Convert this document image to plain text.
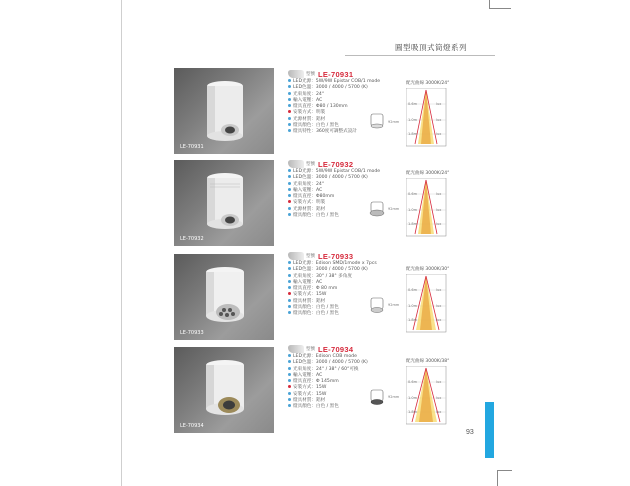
圓型吸頂式筒燈系列
LE-70931
型號 LE-70931
LED光源：5W/9W Epistar COB/1 mode
LED色溫：3000 / 4000 / 5700 (K)
光束角度：24°
輸入電壓：AC
燈具直徑：Φ80 / 130mm
安裝方式：明裝
光源材質：鋁材
燈具顏色：白色 / 黑色
燈具特性：360度可調整式設計
92mm
配光曲線 3000K/24°
0.6m
1.0m
1.8m
lux
lux
lux
LE-70932
型號 LE-70932
LED光源：5W/9W Epistar COB/1 mode
LED色溫：3000 / 4000 / 5700 (K)
光束角度：24°
輸入電壓：AC
燈具直徑：Φ80mm
安裝方式：明裝
光源材質：鋁材
燈具顏色：白色 / 黑色
92mm
配光曲線 3000K/24°
0.6m
1.0m
1.8m
lux
lux
lux
LE-70933
型號 LE-70933
LED光源：Edison SMD/1mode x 7pcs
LED色溫：3000 / 4000 / 5700 (K)
光束角度：30° / 38° 多角度
輸入電壓：AC
燈具直徑：Φ 80 mm
安裝方式：15W
燈具材質：鋁材
燈具顏色：白色 / 黑色
燈具顏色：白色 / 黑色
92mm
配光曲線 3000K/30°
0.6m
1.0m
1.8m
lux
lux
lux
LE-70934
型號 LE-70934
LED光源：Edison COB mode
LED色溫：3000 / 4000 / 5700 (K)
光束角度：24° / 38° / 60°可換
輸入電壓：AC
燈具直徑：Φ 145mm
安裝方式：15W
安裝方式：15W
燈具材質：鋁材
燈具顏色：白色 / 黑色
92mm
配光曲線 3000K/38°
0.6m
1.0m
1.8m
lux
lux
lux
93
